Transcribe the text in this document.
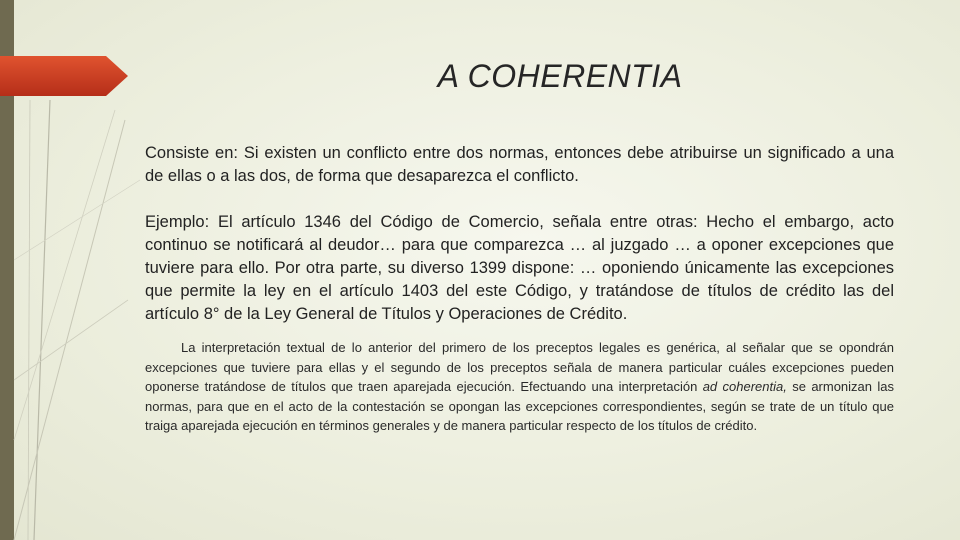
A COHERENTIA

Consiste en: Si existen un conflicto entre dos normas, entonces debe atribuirse un significado a una de ellas o a las dos, de forma que desaparezca el conflicto.

Ejemplo: El artículo 1346 del Código de Comercio, señala entre otras: Hecho el embargo, acto continuo se notificará al deudor… para que comparezca … al juzgado … a oponer excepciones que tuviere para ello. Por otra parte, su diverso 1399 dispone: … oponiendo únicamente las excepciones que permite la ley en el artículo 1403 del este Código, y tratándose de títulos de crédito las del artículo 8° de la Ley General de Títulos y Operaciones de Crédito.

La interpretación textual de lo anterior del primero de los preceptos legales es genérica, al señalar que se opondrán excepciones que tuviere para ellas y el segundo de los preceptos señala de manera particular cuáles excepciones pueden oponerse tratándose de títulos que traen aparejada ejecución. Efectuando una interpretación ad coherentia, se armonizan las normas, para que en el acto de la contestación se opongan las excepciones correspondientes, según se trate de un título que traiga aparejada ejecución en términos generales y de manera particular respecto de los títulos de crédito.
